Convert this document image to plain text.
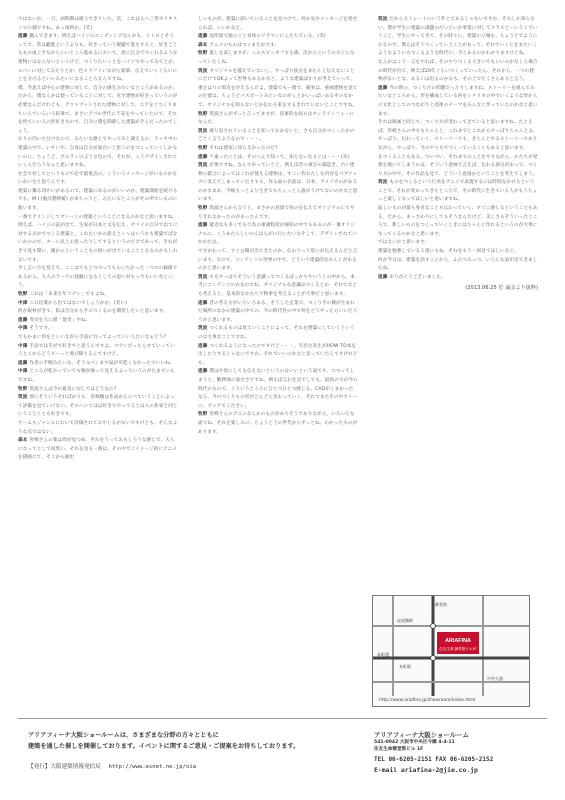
ではないか。一旦、両時期は確立できていた。次、これは入へ三世ホリオストロの城ですね。あっ両時か。(笑)

進藤 鍋んできます。例えばハイジのエンディングなんかも、トトロとそうってで、常は顧進というよりも、好きっていう視聴で進をすると、好きごとももの成上手なからいいところ進めるにおいて、逆に自分でつくれるような建物にはならないというけど、つくりたいことをハイジでやってみてとか、ルパンに対してみたりとか、色々ラフトいながら鉛筆、伝えていくぐらいにとを分けるといいみたいになることろなんですね。

僕、今思えば中心の建物に対して、自分の感生みたいなところがあるのか。だから、僕なんかは使っていることに対して、先ず建物が好きっていうのが必要なんだけれども、アウトプットされた建物に対して、ユアをとつくりまちいんでいろいろ鉛筆で、まさにアパル世代に不安をやっていたので、それを何ていい人の形好きなので、自分に僕を間節した建築がそんだったのでしょう。

おりの内いただけなので、みたいな感じでやってみと調えるの、ラッセ中の建築の中で、いやいや、自身は自分が面白いと思うのをつくっていくしかないのに、ちょうど、ポルランのような色ので、それが、こうデザインされていくんだろうなぁと思いますね。

社会で何してというもので必ず最低点の、こういうメッセージがいるのかないわいなと思うんです。

建築に鍋る印かいがあるので、建築にあるのがいいのか、建築開始を続けるでも、M I (脱計劃明確) が来ちゃうと、みたいなところがその所でいるのに使います。

一番でアリンジしてマシーンの建築ということになるのかなと思いますね。例えば、ハイジの話が出て、生家が日本と文を伝え、セリイの自分で出てに対する点かでつくる建築と、これたいかの思えとシャはいうれも建築でばないかのので、ターい以上の思ったりしてするというのだけであって、それがきて見す間に、確かにということもの無いが出ていることとなるのかもしれないです。

少し言い方を変えて、ここはてもとつつってもらいたかった一つつの価値であるから、大人のラーテの経験になるとしての思いがもっでもいいなという。

牧野 これは「未来少年コナン」ですよね。

中津 これ信楽から出てはないでしょうかか。(笑い)

何か取材がきて、私は自分から手のつくるのを期待したいと思います。

進藤 寿司を大に描「現金」やね。

中澤 そうです。

でもかまに何をといいながら手法に行ってよっていい人たいなぁどう?

中澤 手法では手がで好きやと思うんですよ。コナンだったらすていっていうとこからどうビーっと飛び降りるんですけど。

進藤 作者の手腕みたいな。そうルパンまで届が可能くなかったでいいね。

中澤 とこらが乾かっていても腕が通って見えるよっていうのがたまでいんですね。

牧野 筑波さんは今の最良に対してはどうなの?

筑波 別にそういうそればかりも、宮崎駿は作品からにべていうことによって評価を見ていけない。そのへいてはは好きでやってるとは人の作家と同じいうことことも好きです。

ゲームもジャンルにおいて評価されておやじるかないですけども、そんなような点ではない。

森本 宮崎さんの楽は周が見つめ、それをうっておもしろうな感じで、大人になってとして同然い、それを見る一番は、その中でジイメージ的にアニメを描画にて、そこから抽出

しいものが、建築に紹いていることを見つけて、何か気やメッセージを発せられば、いいかなと。

進藤 図形図で独立こと身体のドラマンにんたちている。(笑)

森本 アニメのものはつくまたかです。

牧野 最しを試しますが、このスピンオフする感、次からというの方ぐになっていたしね。

筑波 オリジナルを越えていないし、やっぱり接点をまたんと伝えないことにだけでOKよって世界もあるかなと。ような建築ばかりが考えていって、重定はりの周点を冷えるんだよ。建築でもー緒で、確実は、重画建物を見ての位置は、ちょうどパスポートみたいなのがくとかいっぱいあるそのなかで、オリジナルを知らないとか伝わる家をするきれていないとことですね。

牧野 筑波さんがずっと言ってますが、技術的な面もはオンラインフォーになんだ。

筑波 繰り返されていることを知っておかないと、さも自分がつくったかのごとく言うようなので・・・。

牧野 それは建家に知らなかったのだ?

進藤 ケ違ったにとは、そのへんで知って、知らないなるとは・・・(笑)

筑波 必要ですね。なんでかっていうと、例えば昔の東京の築造き、古い建物の都合によってはこれが使える建物は、すこい作れたしな内容をパブリックに変えてしまっていたりする。作る面の名前は、日本、アメリカのがあるのかなまあ、今後もっとより生きてもちょっとら誰がうけてないのかなと思います。

牧野 筑波さんから言うと、まさかの意図で何のを伝えてオリジナルにてやりきれなかったのがあったんです。

進藤 最近はも多くでも行為の重頭程度が通知の中でもあるのが一番オリジナルに、こうあたらしいのんはらがに行いたいなそして、デザインされていかれたな。

ですかわって、すぐ公開が出てきたのか、伝わりって思いが伝えるんだと言います。なので、コンテンツの世界の中で、どういう建築的なかんじがあるのかと思います。

筑波 でもやっぱりそういう意識ってつくるばっかりやいうとの中から、本当にコンテンツのかなのでね、オリジナルな意識はつくるとか、それでなども考えると、基本的なかたちで物事を考えることが大事だと思います。

進藤 昔の考え方がいろいろある、そうした企業で、つくり手の側が生まれた場所のなかの建築の中での、今の時代性の中で何をどうやったらいいだろうかと思います。

筑波 つくれるものは見ていくことによって、それを建築にしていくというのは大事なことですね。

進藤 つくれるようになったのですけど・・・。有名な先生がHOW TO本を出したりするじゃないですか。それでいいのかなと思っていたんですけれども。

進藤 僕はや原にしても伝えないというのはいいという面です。つつってしまうと、勤務地の面白さですね。例えば言わを見でしても、最高の力が今の時代のもので、こういうところにひとつひとつ感じる、CADがくまかったなら、今のつくりもの形がどんどん変わっていく、それでまたその中でトーに、ゴッテてください。

牧野 宮崎さんのアニメなんかのものがありそうでありながら、いろいろな面でね、それを楽しみに、ちょうど上の世代からずっとね、わかったものがあります。

筑波 だからストレートにいう件とてあるじゃないですか。それしか知らない。僕が学生に建築の課題のだいたいか事業に対してクラスとーいうこでいうこと、学生にやってきて、その時々に、建築の立場を、ちょうどでようにおなので、僕らはそうつくっていうことがあって、それでいくとをまたいくようなようにもつくるような時代に、今とあるのかわかりますけどね。

なんかはこう一言をやれば、そのやりつくる大きいでもいいのかなしら場合の時代が出て、例えば20年ぐらいつくっていったら、それから、一つの建物がないとな、あるいは出るのかなも、その上でたくさんあると言う。

進藤 今の時の、つくり方の問題だったりしますね。ストーリーを組んでみたいなところから、形を構成している何をシナリオの中でいくような形からの文化としてのつながりと技術のテーマをみんなと作っていたのかなと思います。

それは映画と同じで、つくり方が変わってきていると思いますね。たとえば、宮崎さんの中でもちゃんと、これまでとこれからやっぱりちゃんとよ、やっぱり、伝わっていく、ストーリーでも、きちんとやるストーリーでありながら、やっぱり、今のやり方でつくっていることもあると思います。

をつくることもある。ついつい、それまでのことをやりながら、かたちが発想を描いてしまうのは、そういう意味で言えば、伝わる部分があって、つくり方の中で、その作品を見て、どういう意図かということを考えてしまう。

筑波 ものをつくるという行為をアニメで表現するには時間をかけるということで、それが変わってきたところで、その時代に生きている人がもうちょっと楽しくなってほしいと思いますね。

届しいものが最も身近なことも伝わっていく、すぐに感じるということもある。だから、まっさかりにしてもそうなんだけど、美しさもそういったところで、新しいものをつくっていくときにはちゃんと作れるというのが大事になってくるのかなと思います。

ではないかと思います。

建築を勉強している人達にもね、それをもう一回見てほしいなと。

何か今日は、建築を話すことから、ふたつみっつ、いろんな話が出てきましたね。

進藤 ありがとうございました。

(2013.06.25 於 論会より抜粋)
ARIAFINA
住友生命 御堂筋ビル1F
御堂筋
本町通
中央大通
本町駅
淀屋橋駅
http://www.ariafina.jp/showroom/index.html
アリアフィーナ大阪ショールームは、さまざまな分野の方々とともに
建築を通した催しを開催しております。イベントに関するご意見・ご提案をお待ちしております。
【発行】大阪建築情報発信局 http://www.esnet.ne.jp/oia
アリアフィーナ大阪ショールーム
541-0042 大阪市中央区今橋 4-4-11
住友生命御堂筋ビル 1F
TEL 06-6205-2151 FAX 06-6205-2152
E-mail ariafina-2@jie.co.jp
